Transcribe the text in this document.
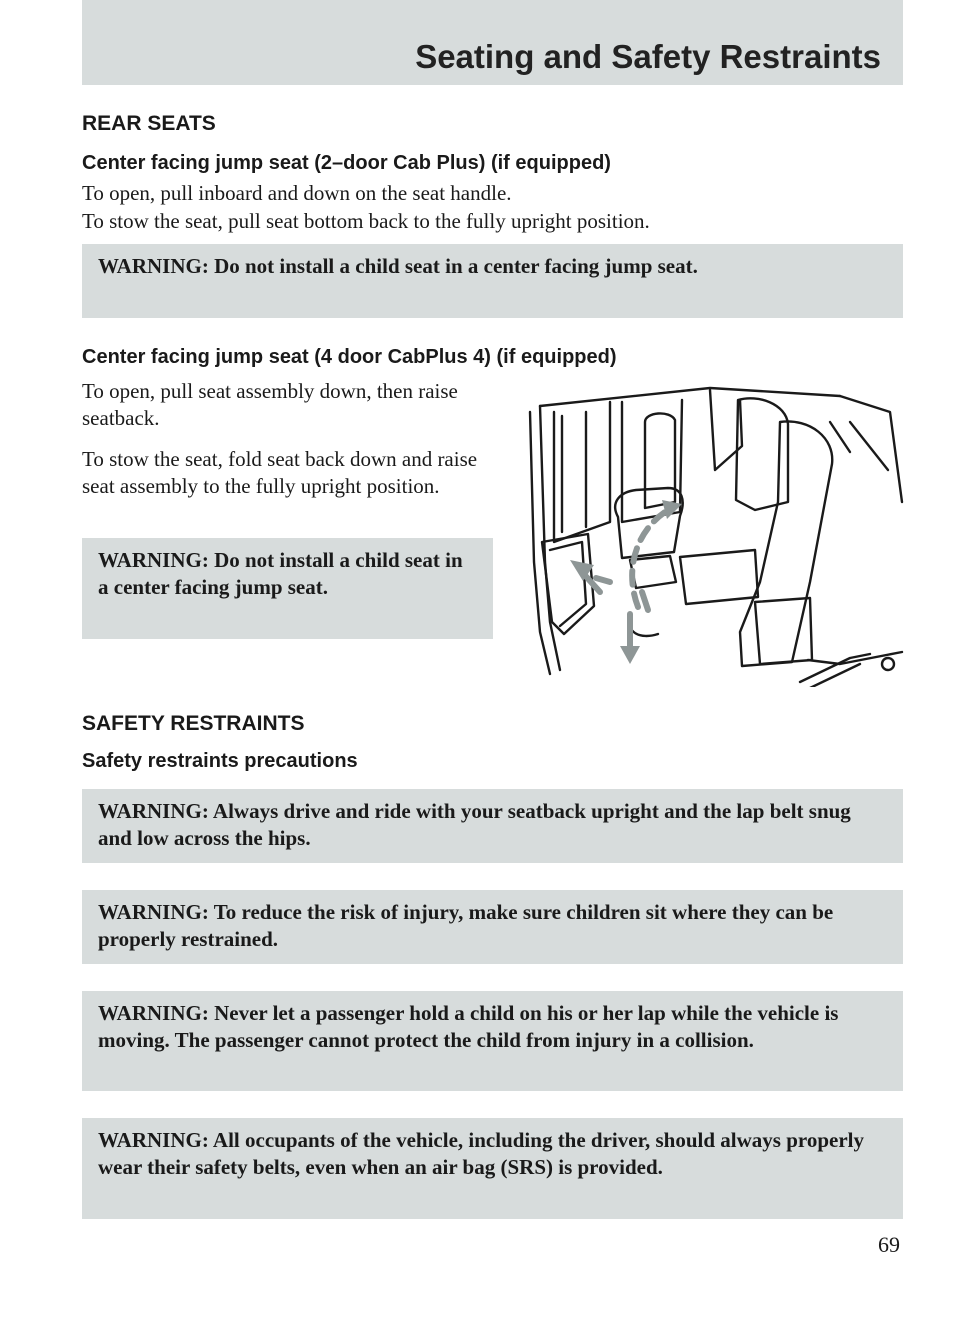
Seating and Safety Restraints
REAR SEATS
Center facing jump seat (2–door Cab Plus) (if equipped)
To open, pull inboard and down on the seat handle.
To stow the seat, pull seat bottom back to the fully upright position.
WARNING: Do not install a child seat in a center facing jump seat.
Center facing jump seat (4 door CabPlus 4) (if equipped)
To open, pull seat assembly down, then raise seatback.
To stow the seat, fold seat back down and raise seat assembly to the fully upright position.
WARNING: Do not install a child seat in a center facing jump seat.
SAFETY RESTRAINTS
Safety restraints precautions
WARNING: Always drive and ride with your seatback upright and the lap belt snug and low across the hips.
WARNING: To reduce the risk of injury, make sure children sit where they can be properly restrained.
WARNING: Never let a passenger hold a child on his or her lap while the vehicle is moving. The passenger cannot protect the child from injury in a collision.
WARNING: All occupants of the vehicle, including the driver, should always properly wear their safety belts, even when an air bag (SRS) is provided.
69
